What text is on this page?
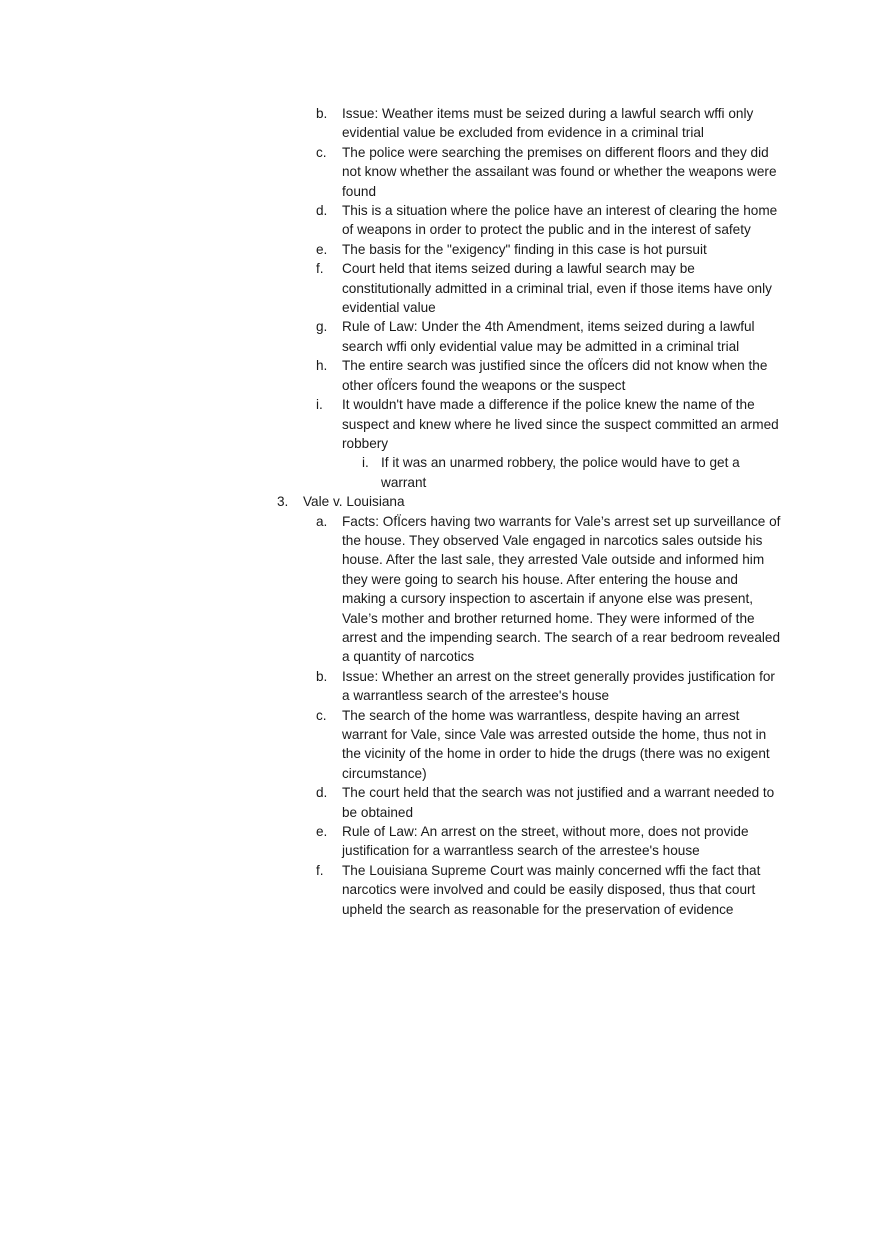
b. Issue: Weather items must be seized during a lawful search wffi only evidential value be excluded from evidence in a criminal trial
c. The police were searching the premises on different floors and they did not know whether the assailant was found or whether the weapons were found
d. This is a situation where the police have an interest of clearing the home of weapons in order to protect the public and in the interest of safety
e. The basis for the "exigency" finding in this case is hot pursuit
f. Court held that items seized during a lawful search may be constitutionally admitted in a criminal trial, even if those items have only evidential value
g. Rule of Law: Under the 4th Amendment, items seized during a lawful search wffi only evidential value may be admitted in a criminal trial
h. The entire search was justified since the ofÏcers did not know when the other ofÏcers found the weapons or the suspect
i. It wouldn't have made a difference if the police knew the name of the suspect and knew where he lived since the suspect committed an armed robbery
i. If it was an unarmed robbery, the police would have to get a warrant
3. Vale v. Louisiana
a. Facts: OfÏcers having two warrants for Vale’s arrest set up surveillance of the house. They observed Vale engaged in narcotics sales outside his house. After the last sale, they arrested Vale outside and informed him they were going to search his house. After entering the house and making a cursory inspection to ascertain if anyone else was present, Vale’s mother and brother returned home. They were informed of the arrest and the impending search. The search of a rear bedroom revealed a quantity of narcotics
b. Issue: Whether an arrest on the street generally provides justification for a warrantless search of the arrestee's house
c. The search of the home was warrantless, despite having an arrest warrant for Vale, since Vale was arrested outside the home, thus not in the vicinity of the home in order to hide the drugs (there was no exigent circumstance)
d. The court held that the search was not justified and a warrant needed to be obtained
e. Rule of Law: An arrest on the street, without more, does not provide justification for a warrantless search of the arrestee's house
f. The Louisiana Supreme Court was mainly concerned wffi the fact that narcotics were involved and could be easily disposed, thus that court upheld the search as reasonable for the preservation of evidence
